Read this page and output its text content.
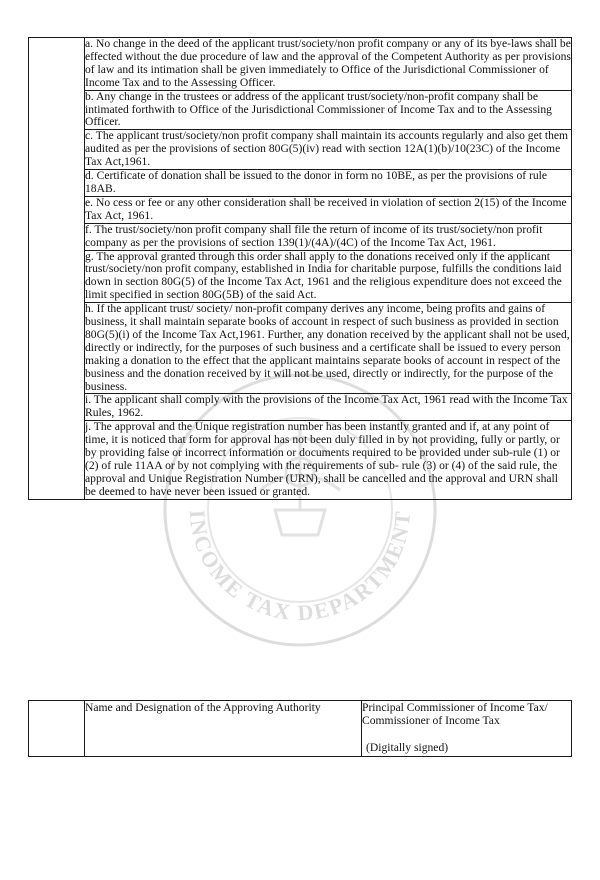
INCOME TAX DEPARTMENT

a. No change in the deed of the applicant trust/society/non profit company or any of its bye-laws shall be effected without the due procedure of law and the approval of the Competent Authority as per provisions of law and its intimation shall be given immediately to Office of the Jurisdictional Commissioner of Income Tax and to the Assessing Officer.

b. Any change in the trustees or address of the applicant trust/society/non-profit company shall be intimated forthwith to Office of the Jurisdictional Commissioner of Income Tax and to the Assessing Officer.

c. The applicant trust/society/non profit company shall maintain its accounts regularly and also get them audited as per the provisions of section 80G(5)(iv) read with section 12A(1)(b)/10(23C) of the Income Tax Act,1961.

d. Certificate of donation shall be issued to the donor in form no 10BE, as per the provisions of rule 18AB.

e. No cess or fee or any other consideration shall be received in violation of section 2(15) of the Income Tax Act, 1961.

f. The trust/society/non profit company shall file the return of income of its trust/society/non profit company as per the provisions of section 139(1)/(4A)/(4C) of the Income Tax Act, 1961.

g. The approval granted through this order shall apply to the donations received only if the applicant trust/society/non profit company, established in India for charitable purpose, fulfills the conditions laid down in section 80G(5) of the Income Tax Act, 1961 and the religious expenditure does not exceed the limit specified in section 80G(5B) of the said Act.

h. If the applicant trust/ society/ non-profit company derives any income, being profits and gains of business, it shall maintain separate books of account in respect of such business as provided in section 80G(5)(i) of the Income Tax Act,1961. Further, any donation received by the applicant shall not be used, directly or indirectly, for the purposes of such business and a certificate shall be issued to every person making a donation to the effect that the applicant maintains separate books of account in respect of the business and the donation received by it will not be used, directly or indirectly, for the purpose of the business.

i. The applicant shall comply with the provisions of the Income Tax Act, 1961 read with the Income Tax Rules, 1962.

j. The approval and the Unique registration number has been instantly granted and if, at any point of time, it is noticed that form for approval has not been duly filled in by not providing, fully or partly, or by providing false or incorrect information or documents required to be provided under sub-rule (1) or (2) of rule 11AA or by not complying with the requirements of sub- rule (3) or (4) of the said rule, the approval and Unique Registration Number (URN), shall be cancelled and the approval and URN shall be deemed to have never been issued or granted.
	Name and Designation of the Approving Authority	Principal Commissioner of Income Tax/ Commissioner of Income Tax
(Digitally signed)
